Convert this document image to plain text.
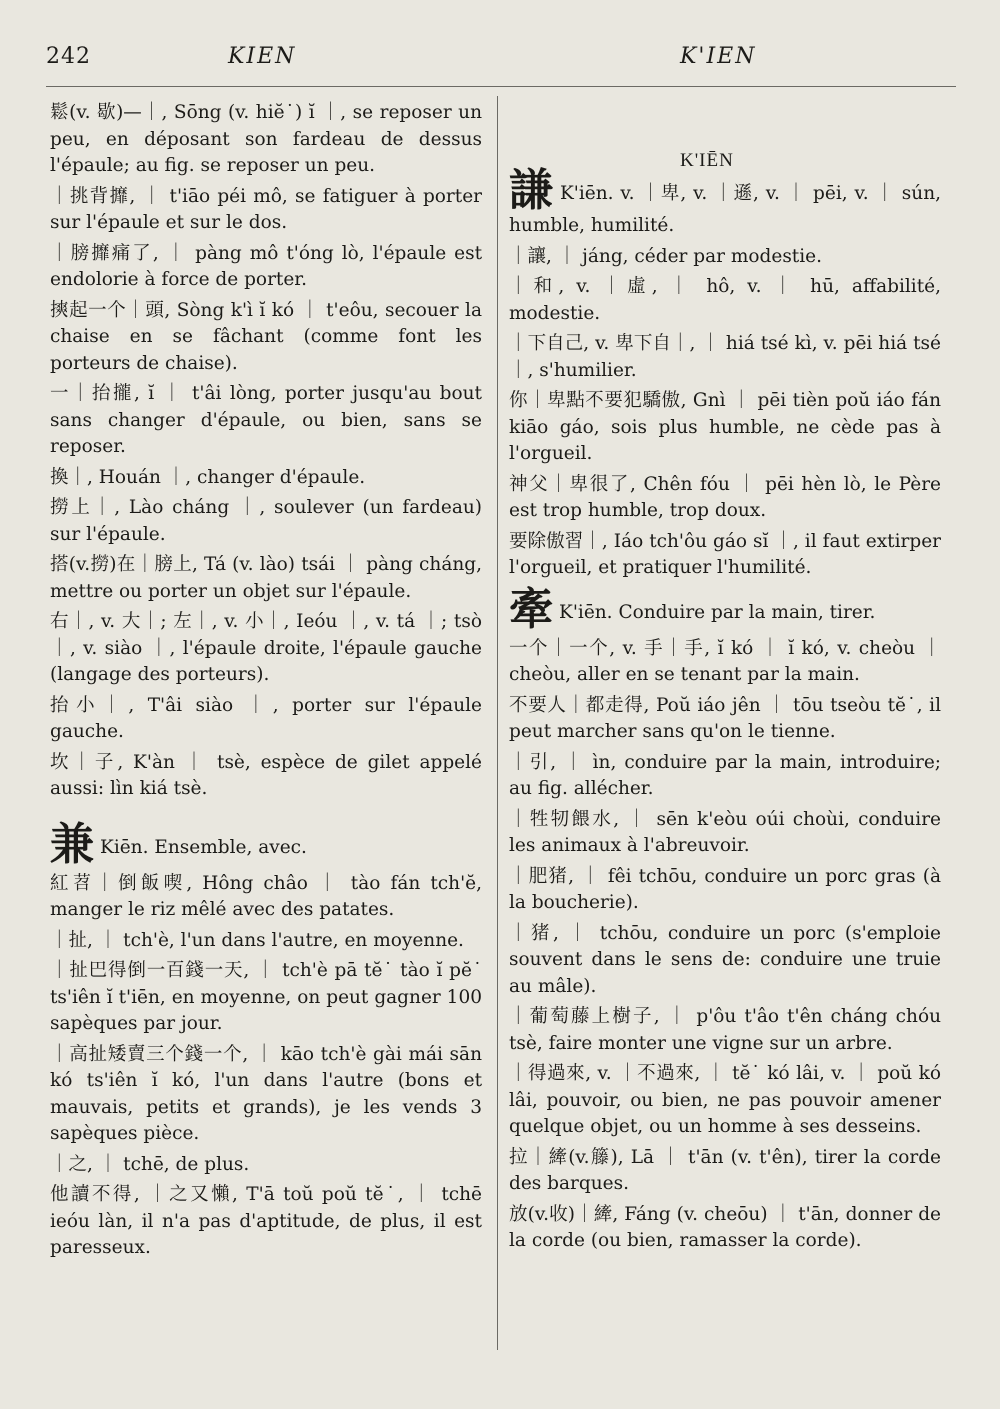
242	KIEN	K'IEN

鬆(v. 歇)—｜, Sōng (v. hiĕ˙) ĭ ｜, se reposer un peu, en déposant son fardeau de dessus l'épaule; au fig. se reposer un peu.

｜挑背攠, ｜ t'iāo péi mô, se fatiguer à porter sur l'épaule et sur le dos.

｜膀攠痛了, ｜ pàng mô t'óng lò, l'épaule est endolorie à force de porter.

摤起一个｜頭, Sòng k'ì ĭ kó ｜ t'eôu, secouer la chaise en se fâchant (comme font les porteurs de chaise).

一｜抬攏, ĭ ｜ t'âi lòng, porter jusqu'au bout sans changer d'épaule, ou bien, sans se reposer.

換｜, Houán ｜, changer d'épaule.

撈上｜, Lào cháng ｜, soulever (un fardeau) sur l'épaule.

搭(v.撈)在｜膀上, Tá (v. lào) tsái ｜ pàng cháng, mettre ou porter un objet sur l'épaule.

右｜, v. 大｜; 左｜, v. 小｜, Ieóu ｜, v. tá ｜; tsò ｜, v. siào ｜, l'épaule droite, l'épaule gauche (langage des porteurs).

抬小｜, T'âi siào ｜, porter sur l'épaule gauche.

坎｜子, K'àn ｜ tsè, espèce de gilet appelé aussi: lìn kiá tsè.

兼 Kiēn. Ensemble, avec.

紅苕｜倒飯喫, Hông châo ｜ tào fán tch'ĕ, manger le riz mêlé avec des patates.

｜扯, ｜ tch'è, l'un dans l'autre, en moyenne.

｜扯巴得倒一百錢一天, ｜ tch'è pā tĕ˙ tào ĭ pĕ˙ ts'iên ĭ t'iēn, en moyenne, on peut gagner 100 sapèques par jour.

｜高扯矮賣三个錢一个, ｜ kāo tch'è gài mái sān kó ts'iên ĭ kó, l'un dans l'autre (bons et mauvais, petits et grands), je les vends 3 sapèques pièce.

｜之, ｜ tchē, de plus.

他讀不得, ｜之又懶, T'ā toŭ poŭ tĕ˙, ｜ tchē ieóu làn, il n'a pas d'aptitude, de plus, il est paresseux.

K'IĒN

謙 K'iēn. v. ｜卑, v. ｜遜, v. ｜ pēi, v. ｜ sún, humble, humilité.

｜讓, ｜ jáng, céder par modestie.

｜和, v. ｜虛, ｜ hô, v. ｜ hū, affabilité, modestie.

｜下自己, v. 卑下自｜, ｜ hiá tsé kì, v. pēi hiá tsé ｜, s'humilier.

你｜卑點不要犯驕傲, Gnì ｜ pēi tièn poŭ iáo fán kiāo gáo, sois plus humble, ne cède pas à l'orgueil.

神父｜卑很了, Chên fóu ｜ pēi hèn lò, le Père est trop humble, trop doux.

要除傲習｜, Iáo tch'ôu gáo sĭ ｜, il faut extirper l'orgueil, et pratiquer l'humilité.

牽 K'iēn. Conduire par la main, tirer.

一个｜一个, v. 手｜手, ĭ kó ｜ ĭ kó, v. cheòu ｜ cheòu, aller en se tenant par la main.

不要人｜都走得, Poŭ iáo jên ｜ tōu tseòu tĕ˙, il peut marcher sans qu'on le tienne.

｜引, ｜ ìn, conduire par la main, introduire; au fig. allécher.

｜牲牣餵水, ｜ sēn k'eòu oúi choùi, conduire les animaux à l'abreuvoir.

｜肥猪, ｜ fêi tchōu, conduire un porc gras (à la boucherie).

｜猪, ｜ tchōu, conduire un porc (s'emploie souvent dans le sens de: conduire une truie au mâle).

｜葡萄藤上樹子, ｜ p'ôu t'âo t'ên cháng chóu tsè, faire monter une vigne sur un arbre.

｜得過來, v. ｜不過來, ｜ tĕ˙ kó lâi, v. ｜ poŭ kó lâi, pouvoir, ou bien, ne pas pouvoir amener quelque objet, ou un homme à ses desseins.

拉｜縴(v.籐), Lā ｜ t'ān (v. t'ên), tirer la corde des barques.

放(v.收)｜縴, Fáng (v. cheōu) ｜ t'ān, donner de la corde (ou bien, ramasser la corde).
